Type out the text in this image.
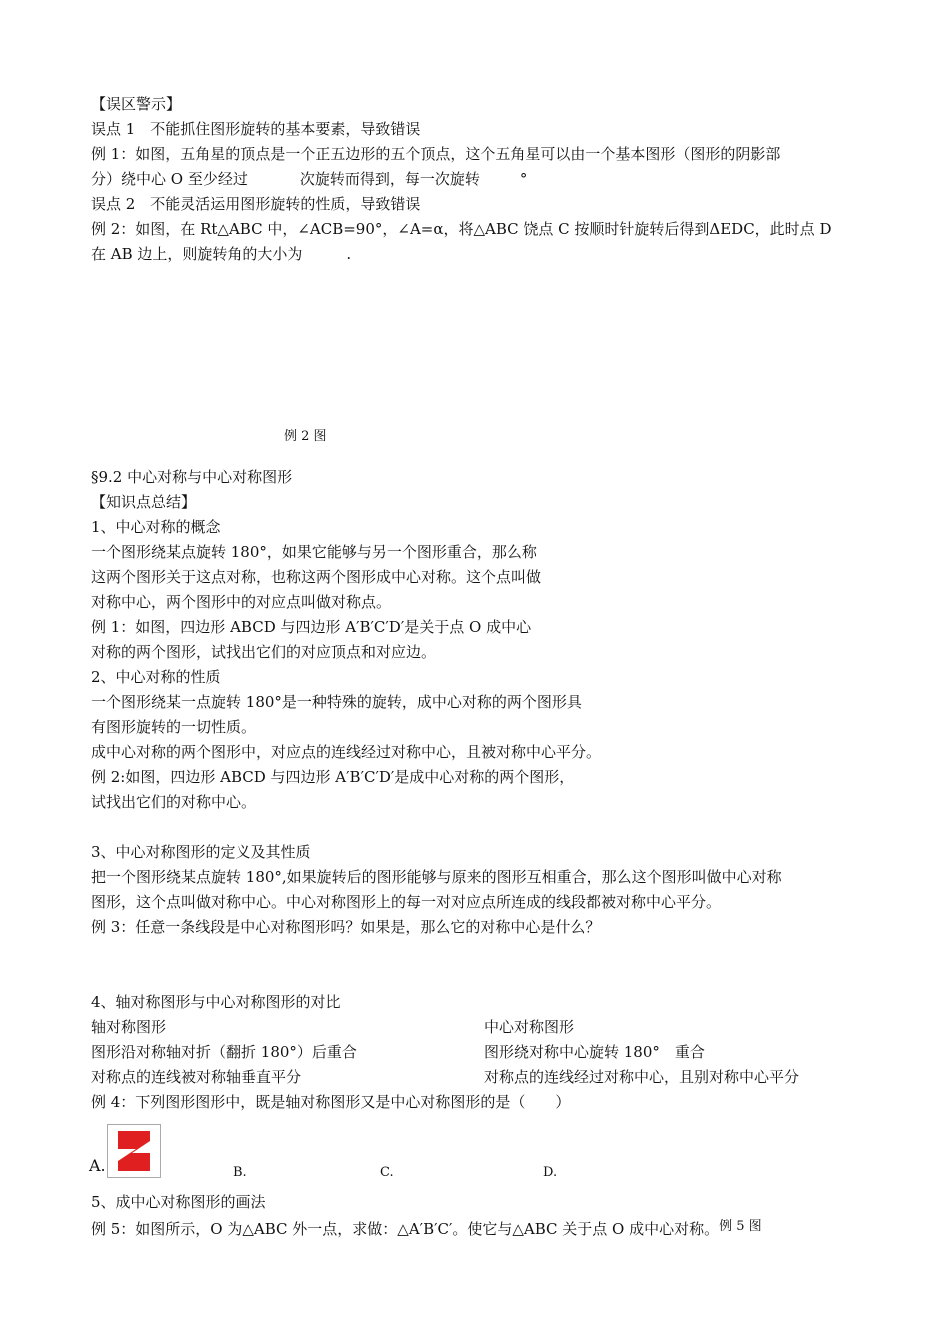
【误区警示】
误点 1　不能抓住图形旋转的基本要素，导致错误
例 1：如图，五角星的顶点是一个正五边形的五个顶点，这个五角星可以由一个基本图形（图形的阴影部
分）绕中心 O 至少经过	次旋转而得到，每一次旋转	°
误点 2　不能灵活运用图形旋转的性质，导致错误
例 2：如图，在 Rt△ABC 中，∠ACB=90°，∠A=α，将△ABC 饶点 C 按顺时针旋转后得到ΔEDC，此时点 D
在 AB 边上，则旋转角的大小为	.
例 2 图
§9.2 中心对称与中心对称图形
【知识点总结】
1、中心对称的概念
一个图形绕某点旋转 180°，如果它能够与另一个图形重合，那么称
这两个图形关于这点对称，也称这两个图形成中心对称。这个点叫做
对称中心，两个图形中的对应点叫做对称点。
例 1：如图，四边形 ABCD 与四边形 A′B′C′D′是关于点 O 成中心
对称的两个图形，试找出它们的对应顶点和对应边。
2、中心对称的性质
一个图形绕某一点旋转 180°是一种特殊的旋转，成中心对称的两个图形具
有图形旋转的一切性质。
成中心对称的两个图形中，对应点的连线经过对称中心，且被对称中心平分。
例 2:如图，四边形 ABCD 与四边形 A′B′C′D′是成中心对称的两个图形，
试找出它们的对称中心。
3、中心对称图形的定义及其性质
把一个图形绕某点旋转 180°,如果旋转后的图形能够与原来的图形互相重合，那么这个图形叫做中心对称
图形，这个点叫做对称中心。中心对称图形上的每一对对应点所连成的线段都被对称中心平分。
例 3：任意一条线段是中心对称图形吗？如果是，那么它的对称中心是什么？
4、轴对称图形与中心对称图形的对比
轴对称图形	中心对称图形
图形沿对称轴对折（翻折 180°）后重合	图形绕对称中心旋转 180°　重合
对称点的连线被对称轴垂直平分	对称点的连线经过对称中心，且别对称中心平分
例 4：下列图形图形中，既是轴对称图形又是中心对称图形的是（　　）
A.	B.	C.	D.
5、成中心对称图形的画法
例 5：如图所示，O 为△ABC 外一点，求做：△A′B′C′。使它与△ABC 关于点 O 成中心对称。例 5 图
